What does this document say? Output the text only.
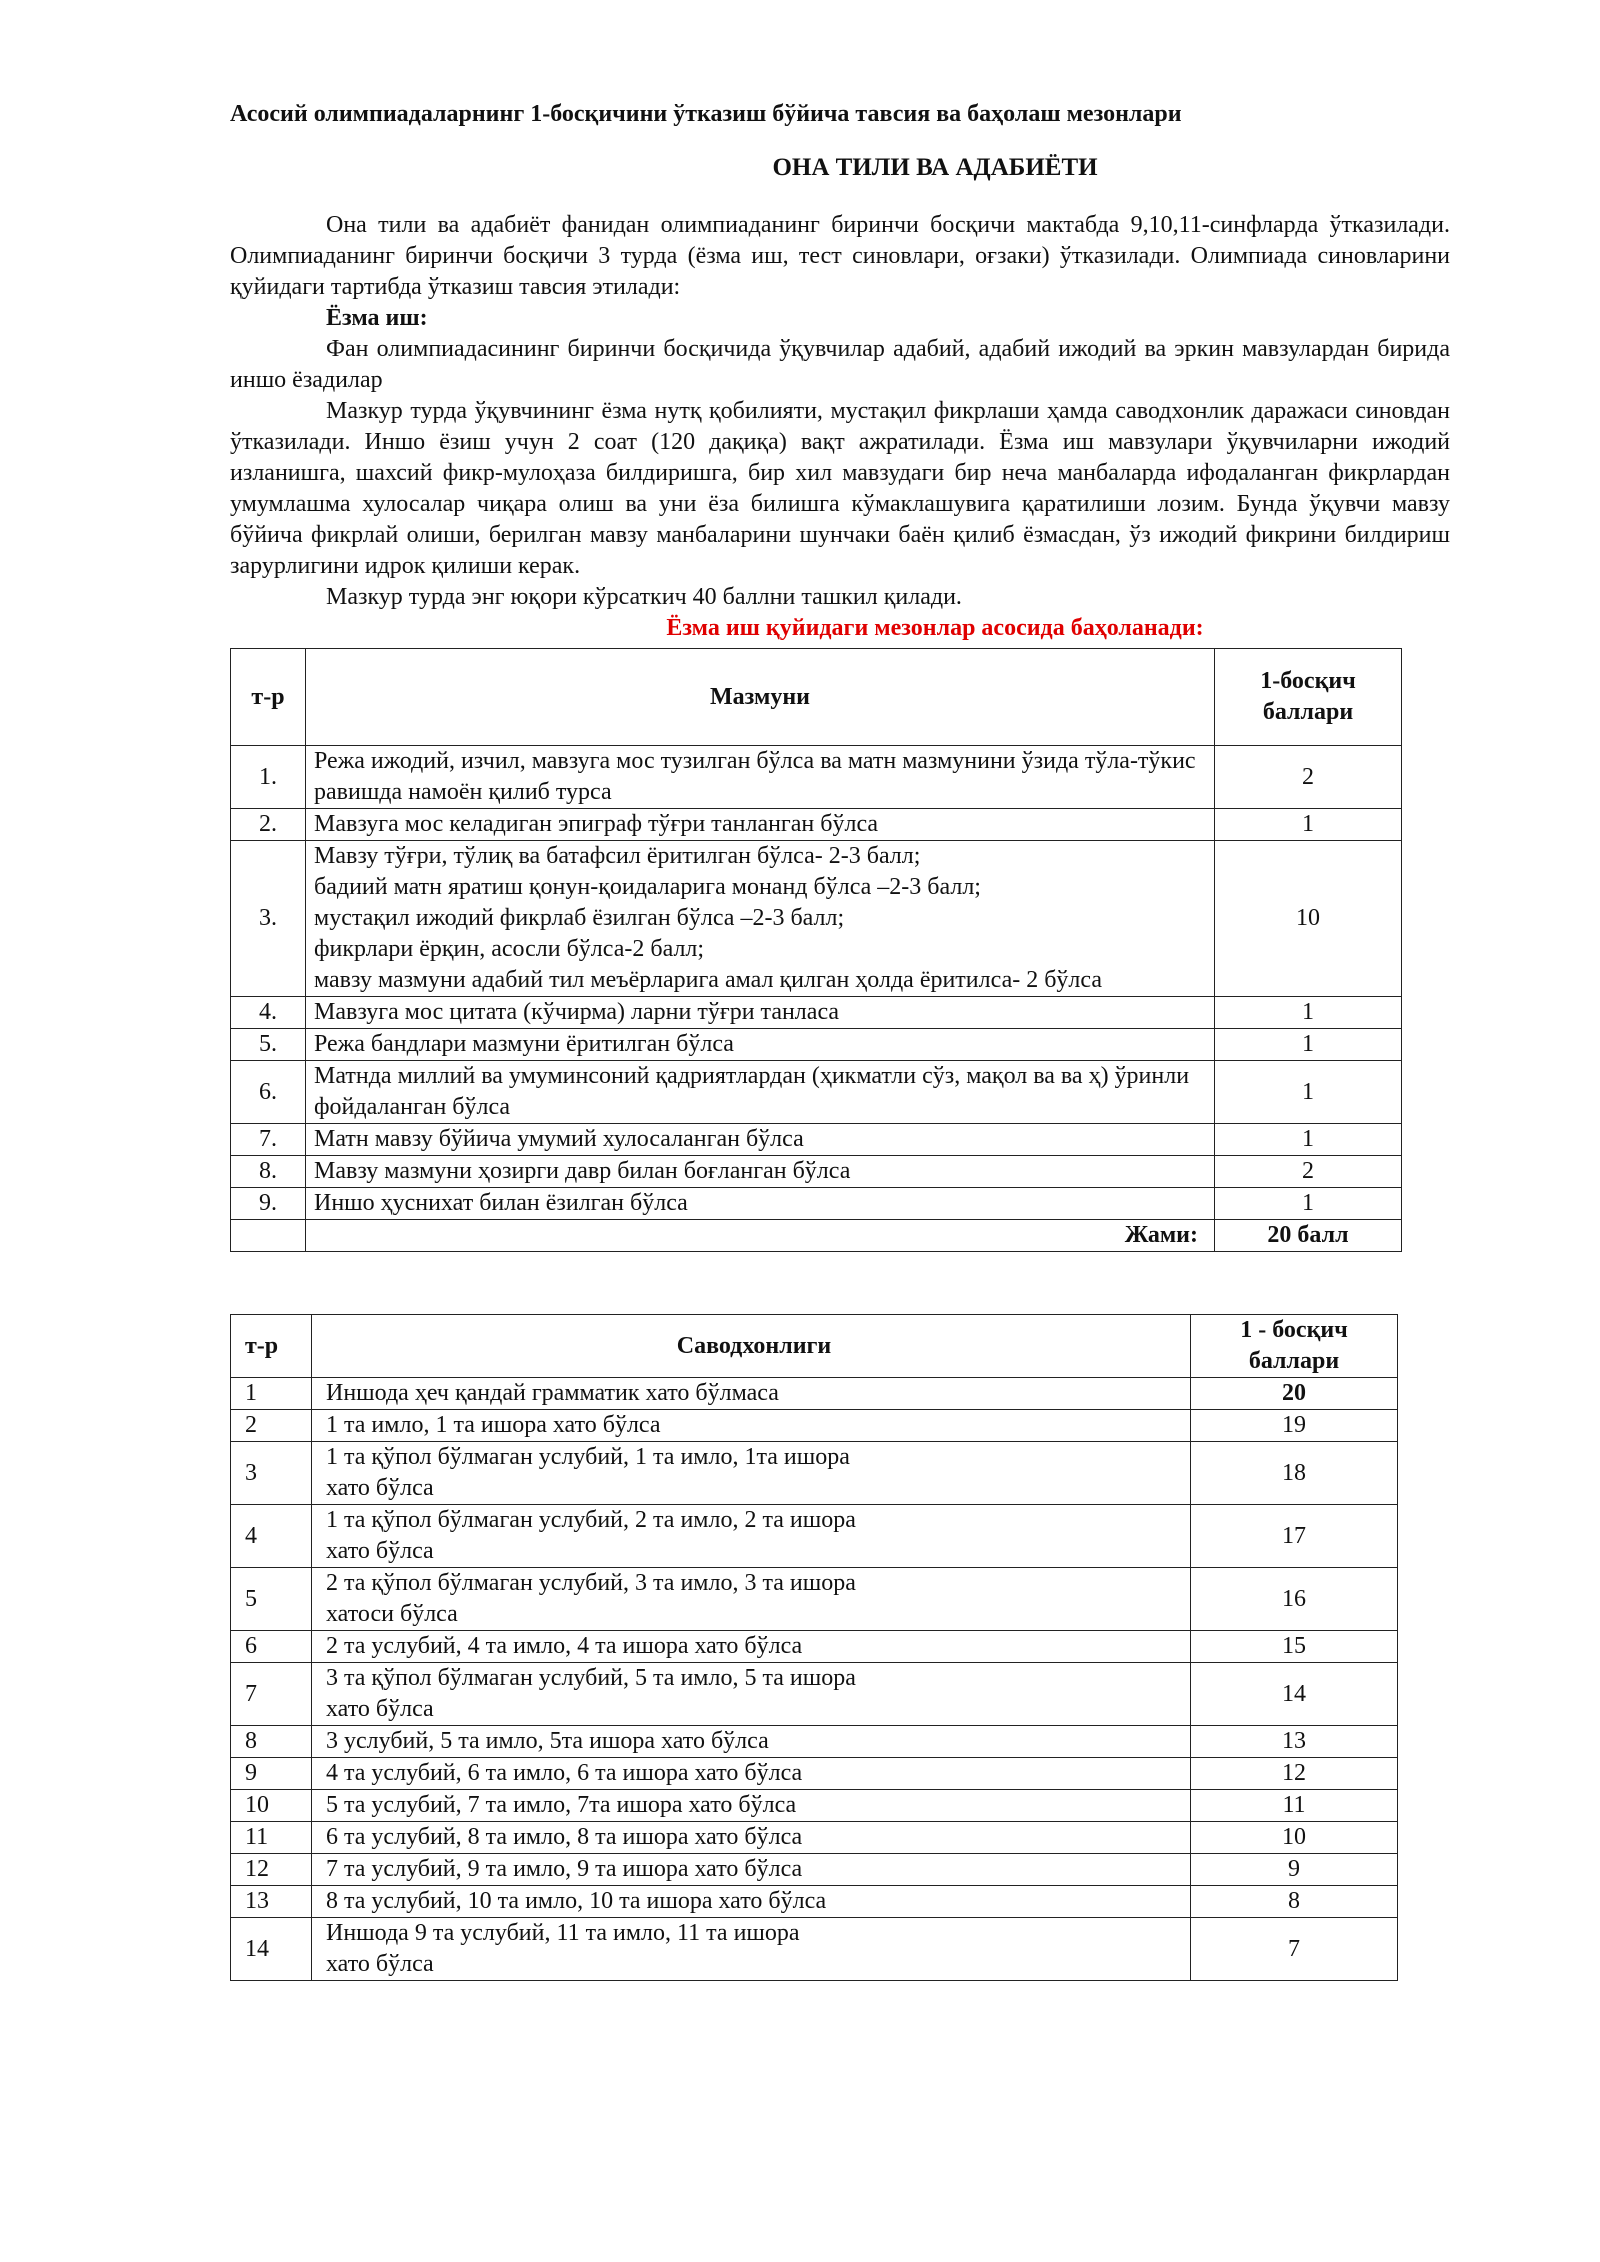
Асосий олимпиадаларнинг 1-босқичини ўтказиш бўйича тавсия ва баҳолаш мезонлари

ОНА ТИЛИ ВА АДАБИЁТИ

Она тили ва адабиёт фанидан олимпиаданинг биринчи босқичи мактабда 9,10,11-синфларда ўтказилади. Олимпиаданинг биринчи босқичи 3 турда (ёзма иш, тест синовлари, оғзаки) ўтказилади. Олимпиада синовларини қуйидаги тартибда ўтказиш тавсия этилади:

Ёзма иш:

Фан олимпиадасининг биринчи босқичида ўқувчилар адабий, адабий ижодий ва эркин мавзулардан бирида иншо ёзадилар

Мазкур турда ўқувчининг ёзма нутқ қобилияти, мустақил фикрлаши ҳамда саводхонлик даражаси синовдан ўтказилади. Иншо ёзиш учун 2 соат (120 дақиқа) вақт ажратилади. Ёзма иш мавзулари ўқувчиларни ижодий изланишга, шахсий фикр-мулоҳаза билдиришга, бир хил мавзудаги бир неча манбаларда ифодаланган фикрлардан умумлашма хулосалар чиқара олиш ва уни ёза билишга кўмаклашувига қаратилиши лозим. Бунда ўқувчи мавзу бўйича фикрлай олиши, берилган мавзу манбаларини шунчаки баён қилиб ёзмасдан, ўз ижодий фикрини билдириш зарурлигини идрок қилиши керак.

Мазкур турда энг юқори кўрсаткич 40 баллни ташкил қилади.

Ёзма иш қуйидаги мезонлар асосида баҳоланади:
т-р	Мазмуни	1-босқич баллари
1.	Режа ижодий, изчил, мавзуга мос тузилган бўлса ва матн мазмунини ўзида тўла-тўкис равишда намоён қилиб турса	2
2.	Мавзуга мос келадиган эпиграф тўғри танланган бўлса	1
3.	Мавзу тўғри, тўлиқ ва батафсил ёритилган бўлса- 2-3 балл;
бадиий матн яратиш қонун-қоидаларига монанд бўлса –2-3 балл;
мустақил ижодий фикрлаб ёзилган бўлса –2-3 балл;
фикрлари ёрқин, асосли бўлса-2 балл;
мавзу мазмуни адабий тил меъёрларига амал қилган ҳолда ёритилса- 2 бўлса	10
4.	Мавзуга мос цитата (кўчирма) ларни тўғри танласа	1
5.	Режа бандлари мазмуни ёритилган бўлса	1
6.	Матнда миллий ва умуминсоний қадриятлардан (ҳикматли сўз, мақол ва ва ҳ) ўринли фойдаланган бўлса	1
7.	Матн мавзу бўйича умумий хулосаланган бўлса	1
8.	Мавзу мазмуни ҳозирги давр билан боғланган бўлса	2
9.	Иншо ҳуснихат билан ёзилган бўлса	1
	Жами:	20 балл
т-р	Саводхонлиги	1 - босқич баллари
1	Иншода ҳеч қандай грамматик хато бўлмаса	20
2	1 та имло, 1 та ишора хато бўлса	19
3	1 та қўпол бўлмаган услубий, 1 та имло, 1та ишора
хато бўлса	18
4	1 та қўпол бўлмаган услубий, 2 та имло, 2 та ишора
хато бўлса	17
5	2 та қўпол бўлмаган услубий, 3 та имло, 3 та ишора
хатоси бўлса	16
6	2 та услубий, 4 та имло, 4 та ишора хато бўлса	15
7	3 та қўпол бўлмаган услубий, 5 та имло, 5 та ишора
хато бўлса	14
8	3 услубий, 5 та имло, 5та ишора хато бўлса	13
9	4 та услубий, 6 та имло, 6 та ишора хато бўлса	12
10	5 та услубий, 7 та имло, 7та ишора хато бўлса	11
11	6 та услубий, 8 та имло, 8 та ишора хато бўлса	10
12	7 та услубий, 9 та имло, 9 та ишора хато бўлса	9
13	8 та услубий, 10 та имло, 10 та ишора хато бўлса	8
14	Иншода 9 та услубий, 11 та имло, 11 та ишора
хато бўлса	7
